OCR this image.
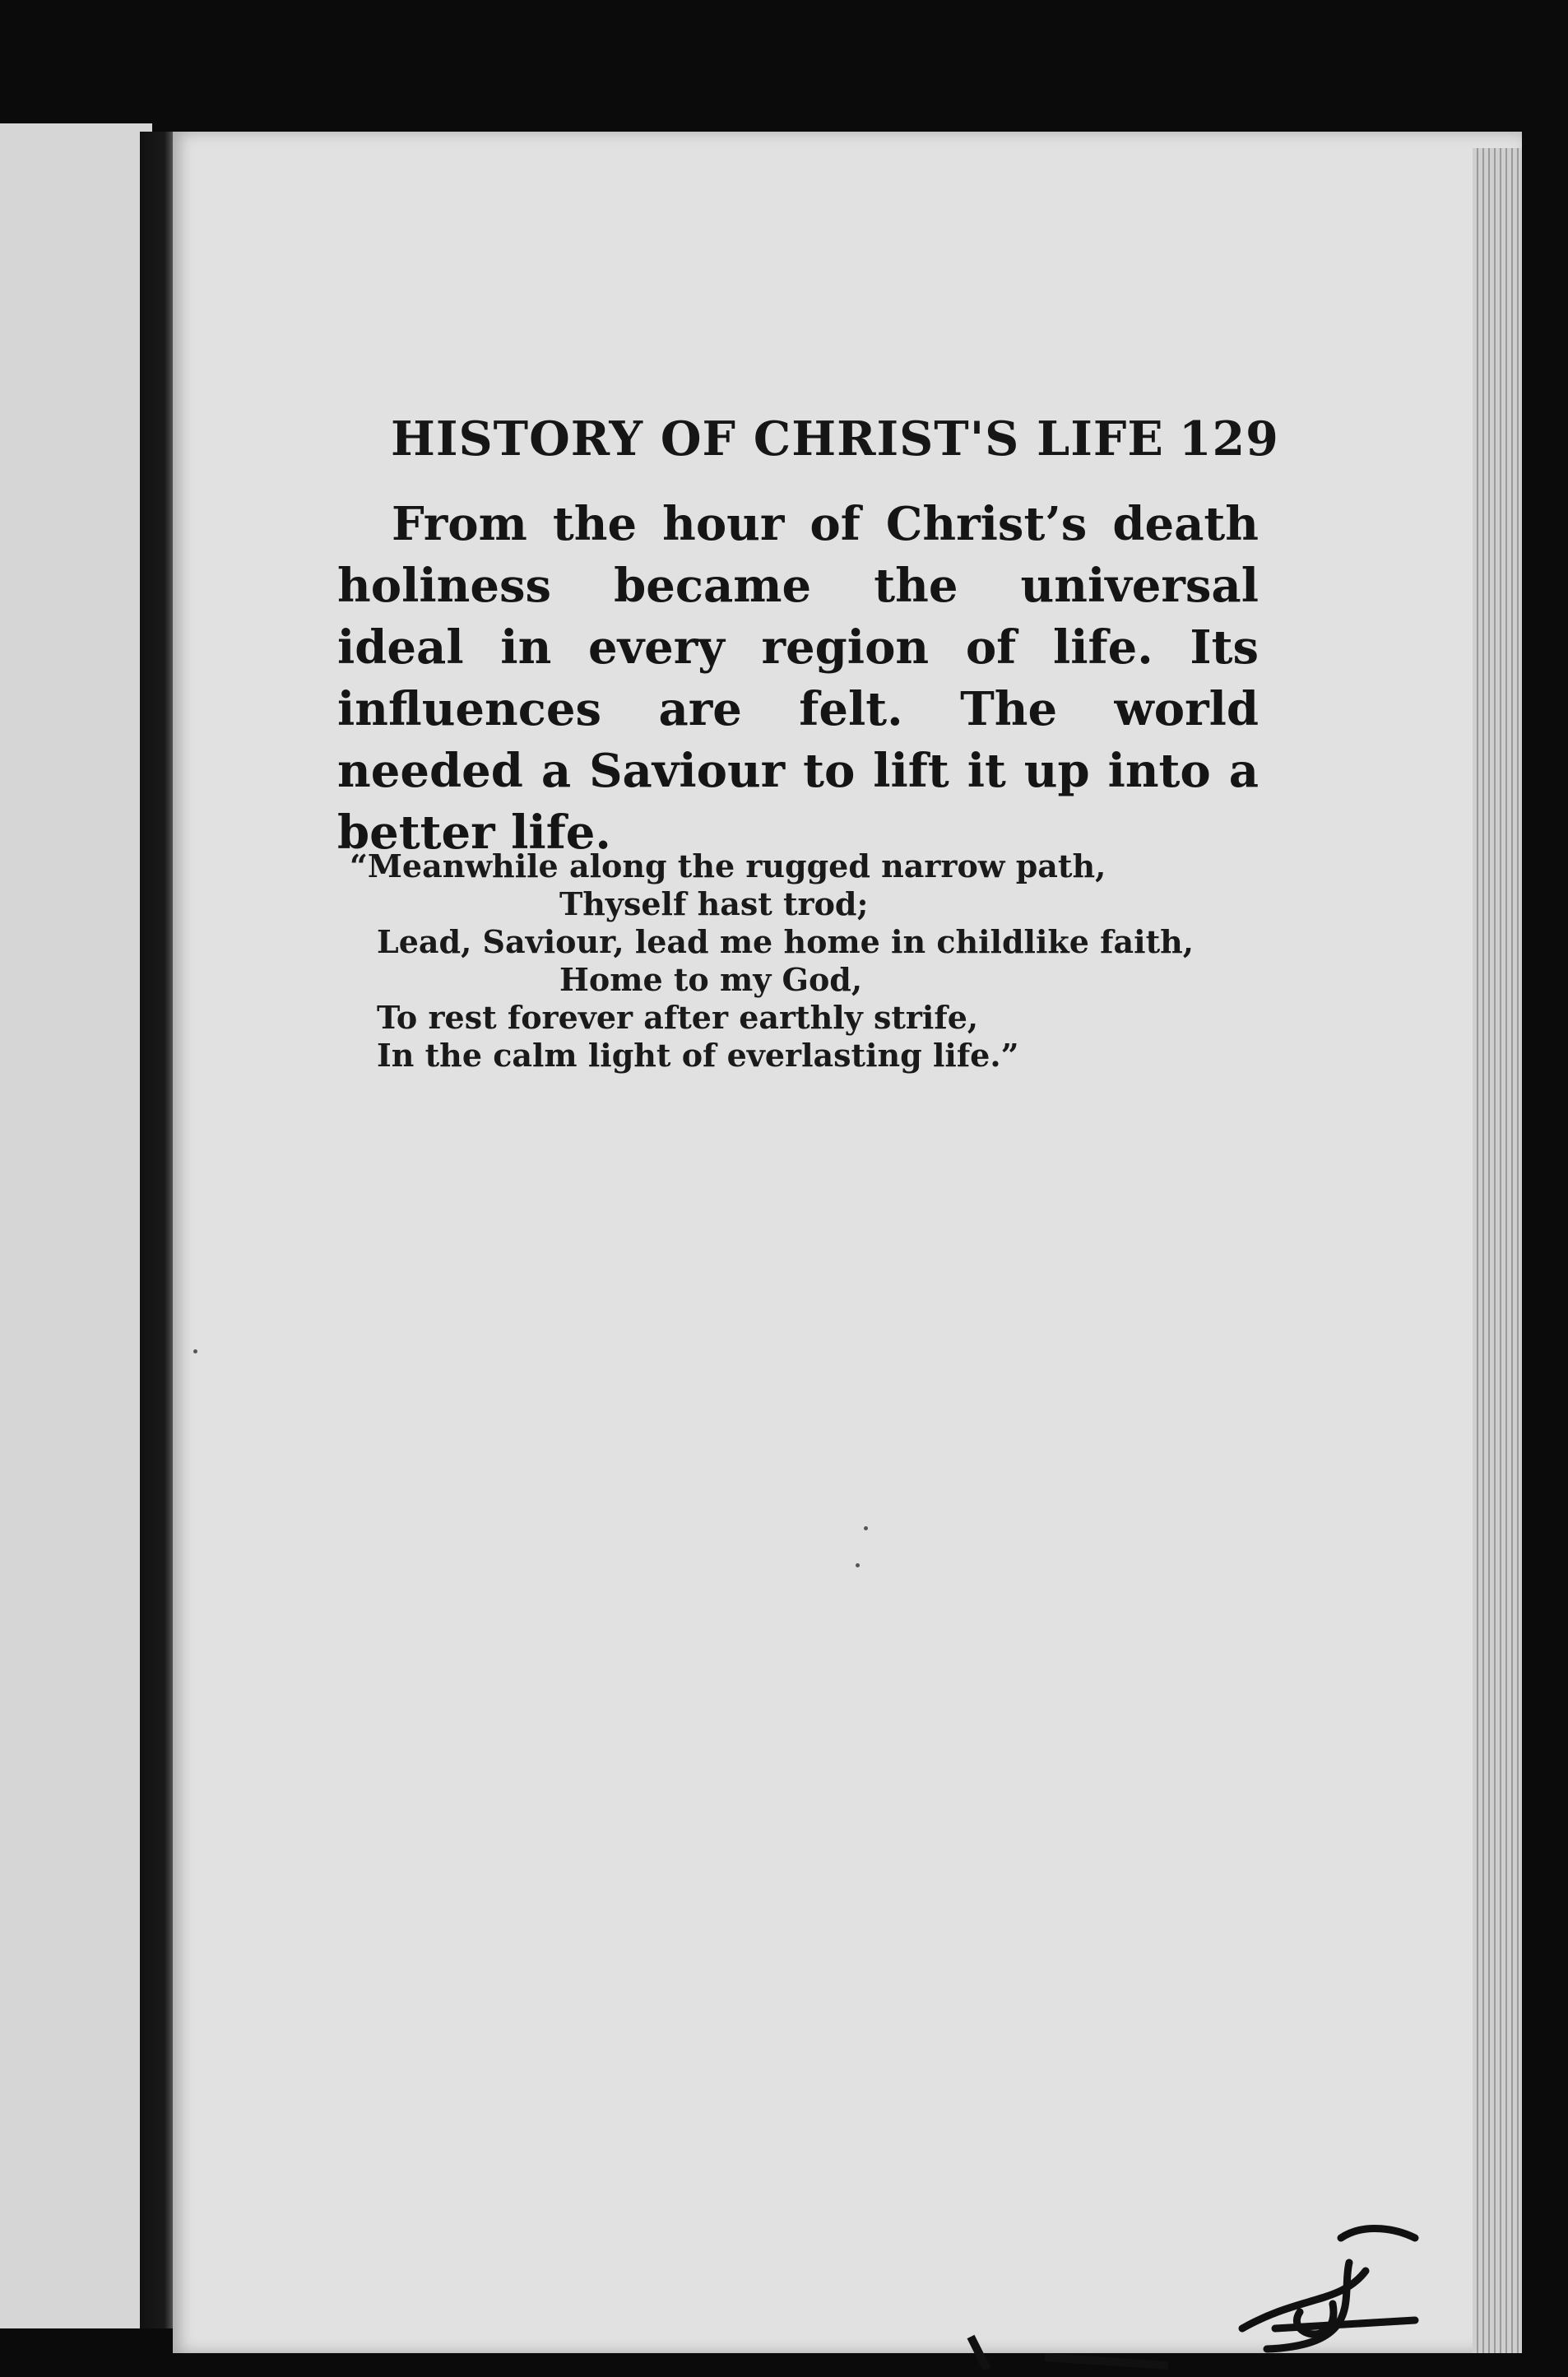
HISTORY OF CHRIST'S LIFE 129
From the hour of Christ’s death holiness became the universal ideal in every region of life. Its influences are felt. The world needed a Saviour to lift it up into a better life.
“Meanwhile along the rugged narrow path,
Thyself hast trod;
Lead, Saviour, lead me home in childlike faith,
Home to my God,
To rest forever after earthly strife,
In the calm light of everlasting life.”
